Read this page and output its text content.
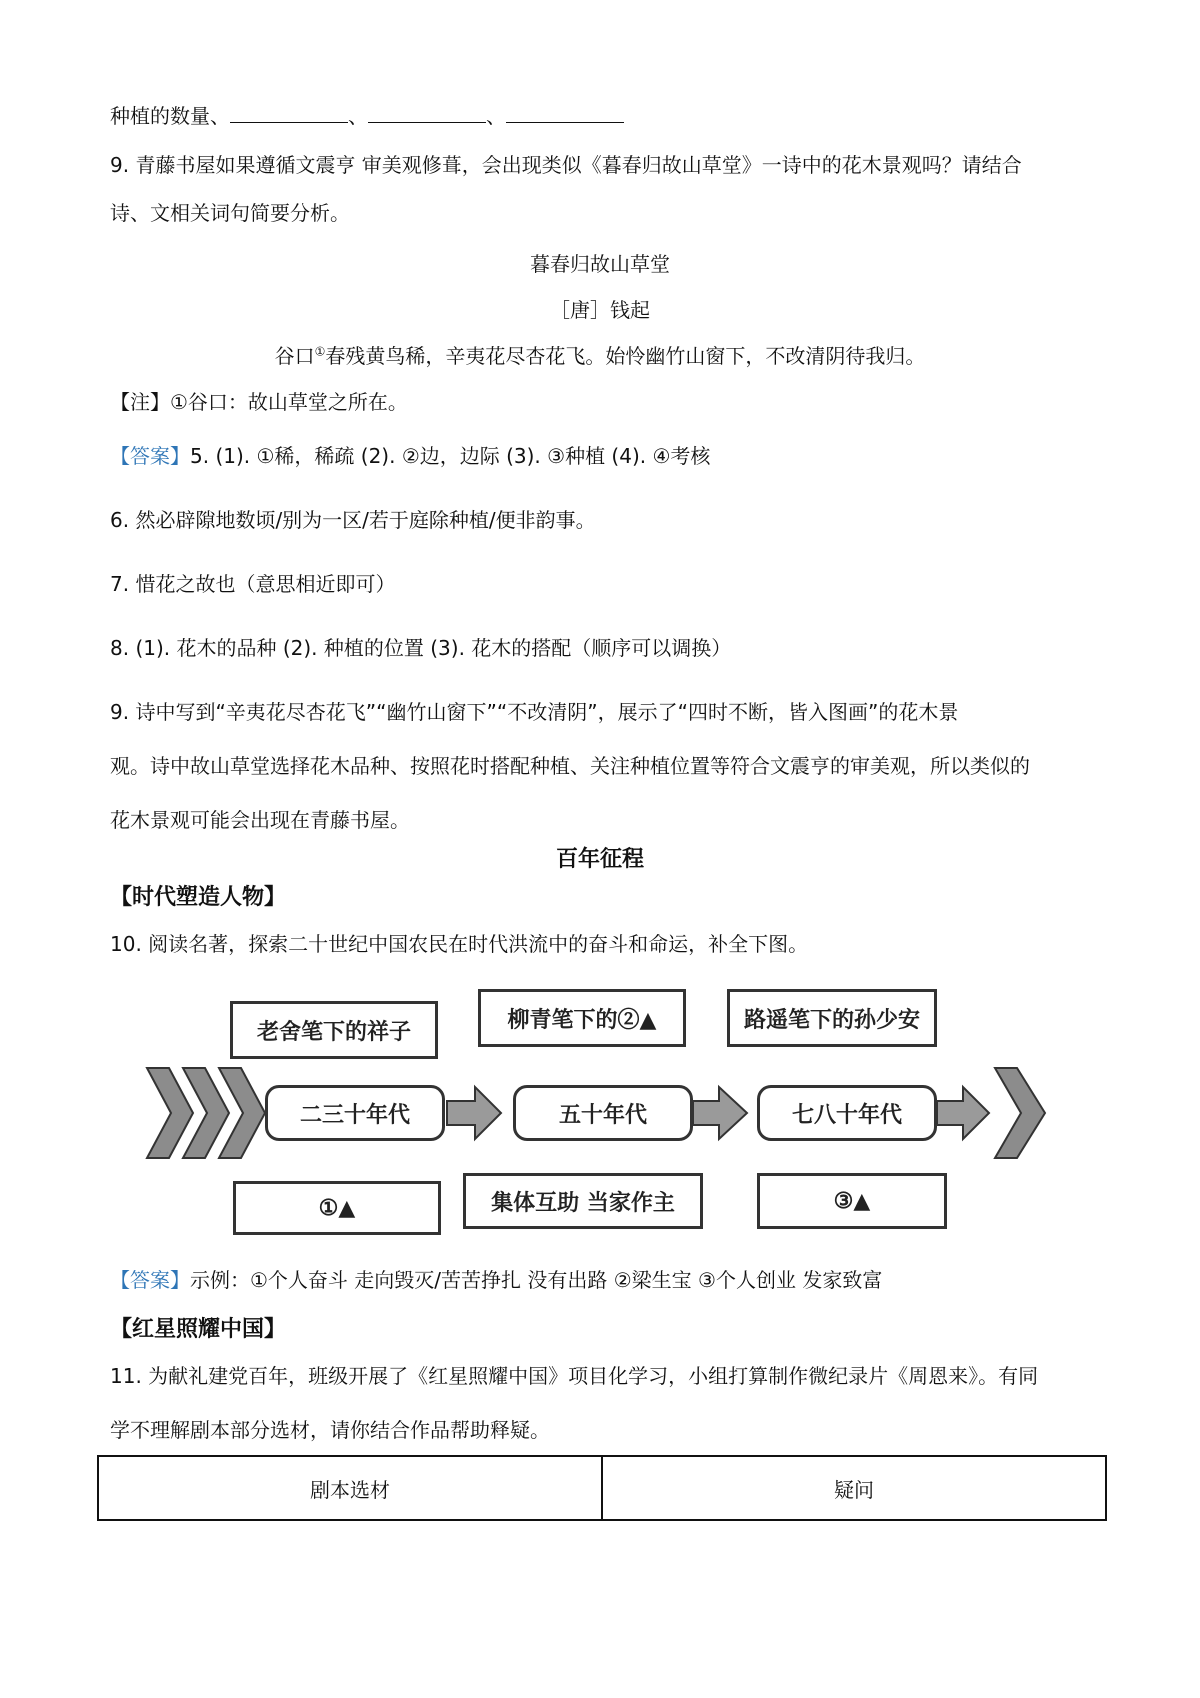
种植的数量、	、	、
9. 青藤书屋如果遵循文震亨 审美观修葺，会出现类似《暮春归故山草堂》一诗中的花木景观吗？请结合
诗、文相关词句简要分析。
暮春归故山草堂
［唐］钱起
谷口①春残黄鸟稀，辛夷花尽杏花飞。始怜幽竹山窗下，不改清阴待我归。
【注】①谷口：故山草堂之所在。
【答案】5. (1). ①稀，稀疏 (2). ②边，边际 (3). ③种植 (4). ④考核
6. 然必辟隙地数顷/别为一区/若于庭除种植/便非韵事。
7. 惜花之故也（意思相近即可）
8. (1). 花木的品种 (2). 种植的位置 (3). 花木的搭配（顺序可以调换）
9. 诗中写到“辛夷花尽杏花飞”“幽竹山窗下”“不改清阴”，展示了“四时不断，皆入图画”的花木景
观。诗中故山草堂选择花木品种、按照花时搭配种植、关注种植位置等符合文震亨的审美观，所以类似的
花木景观可能会出现在青藤书屋。
百年征程
【时代塑造人物】
10. 阅读名著，探索二十世纪中国农民在时代洪流中的奋斗和命运，补全下图。
老舍笔下的祥子	柳青笔下的②▲	路遥笔下的孙少安
二三十年代	五十年代	七八十年代
①▲	集体互助 当家作主	③▲
【答案】示例：①个人奋斗 走向毁灭/苦苦挣扎 没有出路 ②梁生宝 ③个人创业 发家致富
【红星照耀中国】
11. 为献礼建党百年，班级开展了《红星照耀中国》项目化学习，小组打算制作微纪录片《周恩来》。有同
学不理解剧本部分选材，请你结合作品帮助释疑。
剧本选材	疑问
